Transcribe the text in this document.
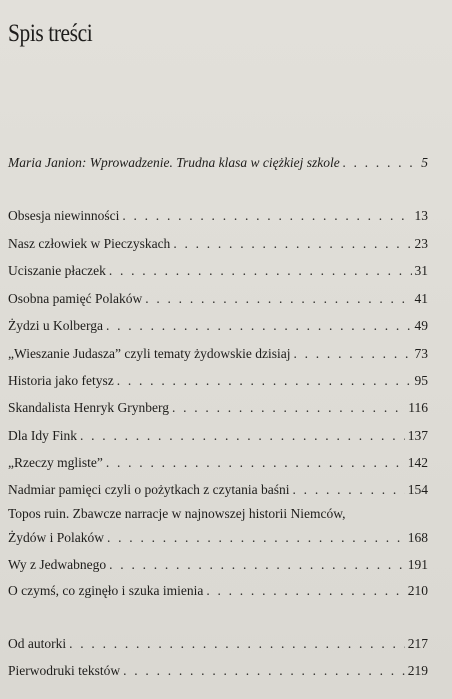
Spis treści
Maria Janion: Wprowadzenie. Trudna klasa w ciężkiej szkole . . .	5
Obsesja niewinności . . .	13
Nasz człowiek w Pieczyskach . . .	23
Uciszanie płaczek . . .	31
Osobna pamięć Polaków . . .	41
Żydzi u Kolberga . . .	49
„Wieszanie Judasza” czyli tematy żydowskie dzisiaj . . .	73
Historia jako fetysz . . .	95
Skandalista Henryk Grynberg . . .	116
Dla Idy Fink . . .	137
„Rzeczy mgliste” . . .	142
Nadmiar pamięci czyli o pożytkach z czytania baśni . . .	154
Topos ruin. Zbawcze narracje w najnowszej historii Niemców,
Żydów i Polaków . . .	168
Wy z Jedwabnego . . .	191
O czymś, co zginęło i szuka imienia . . .	210
Od autorki . . .	217
Pierwodruki tekstów . . .	219
